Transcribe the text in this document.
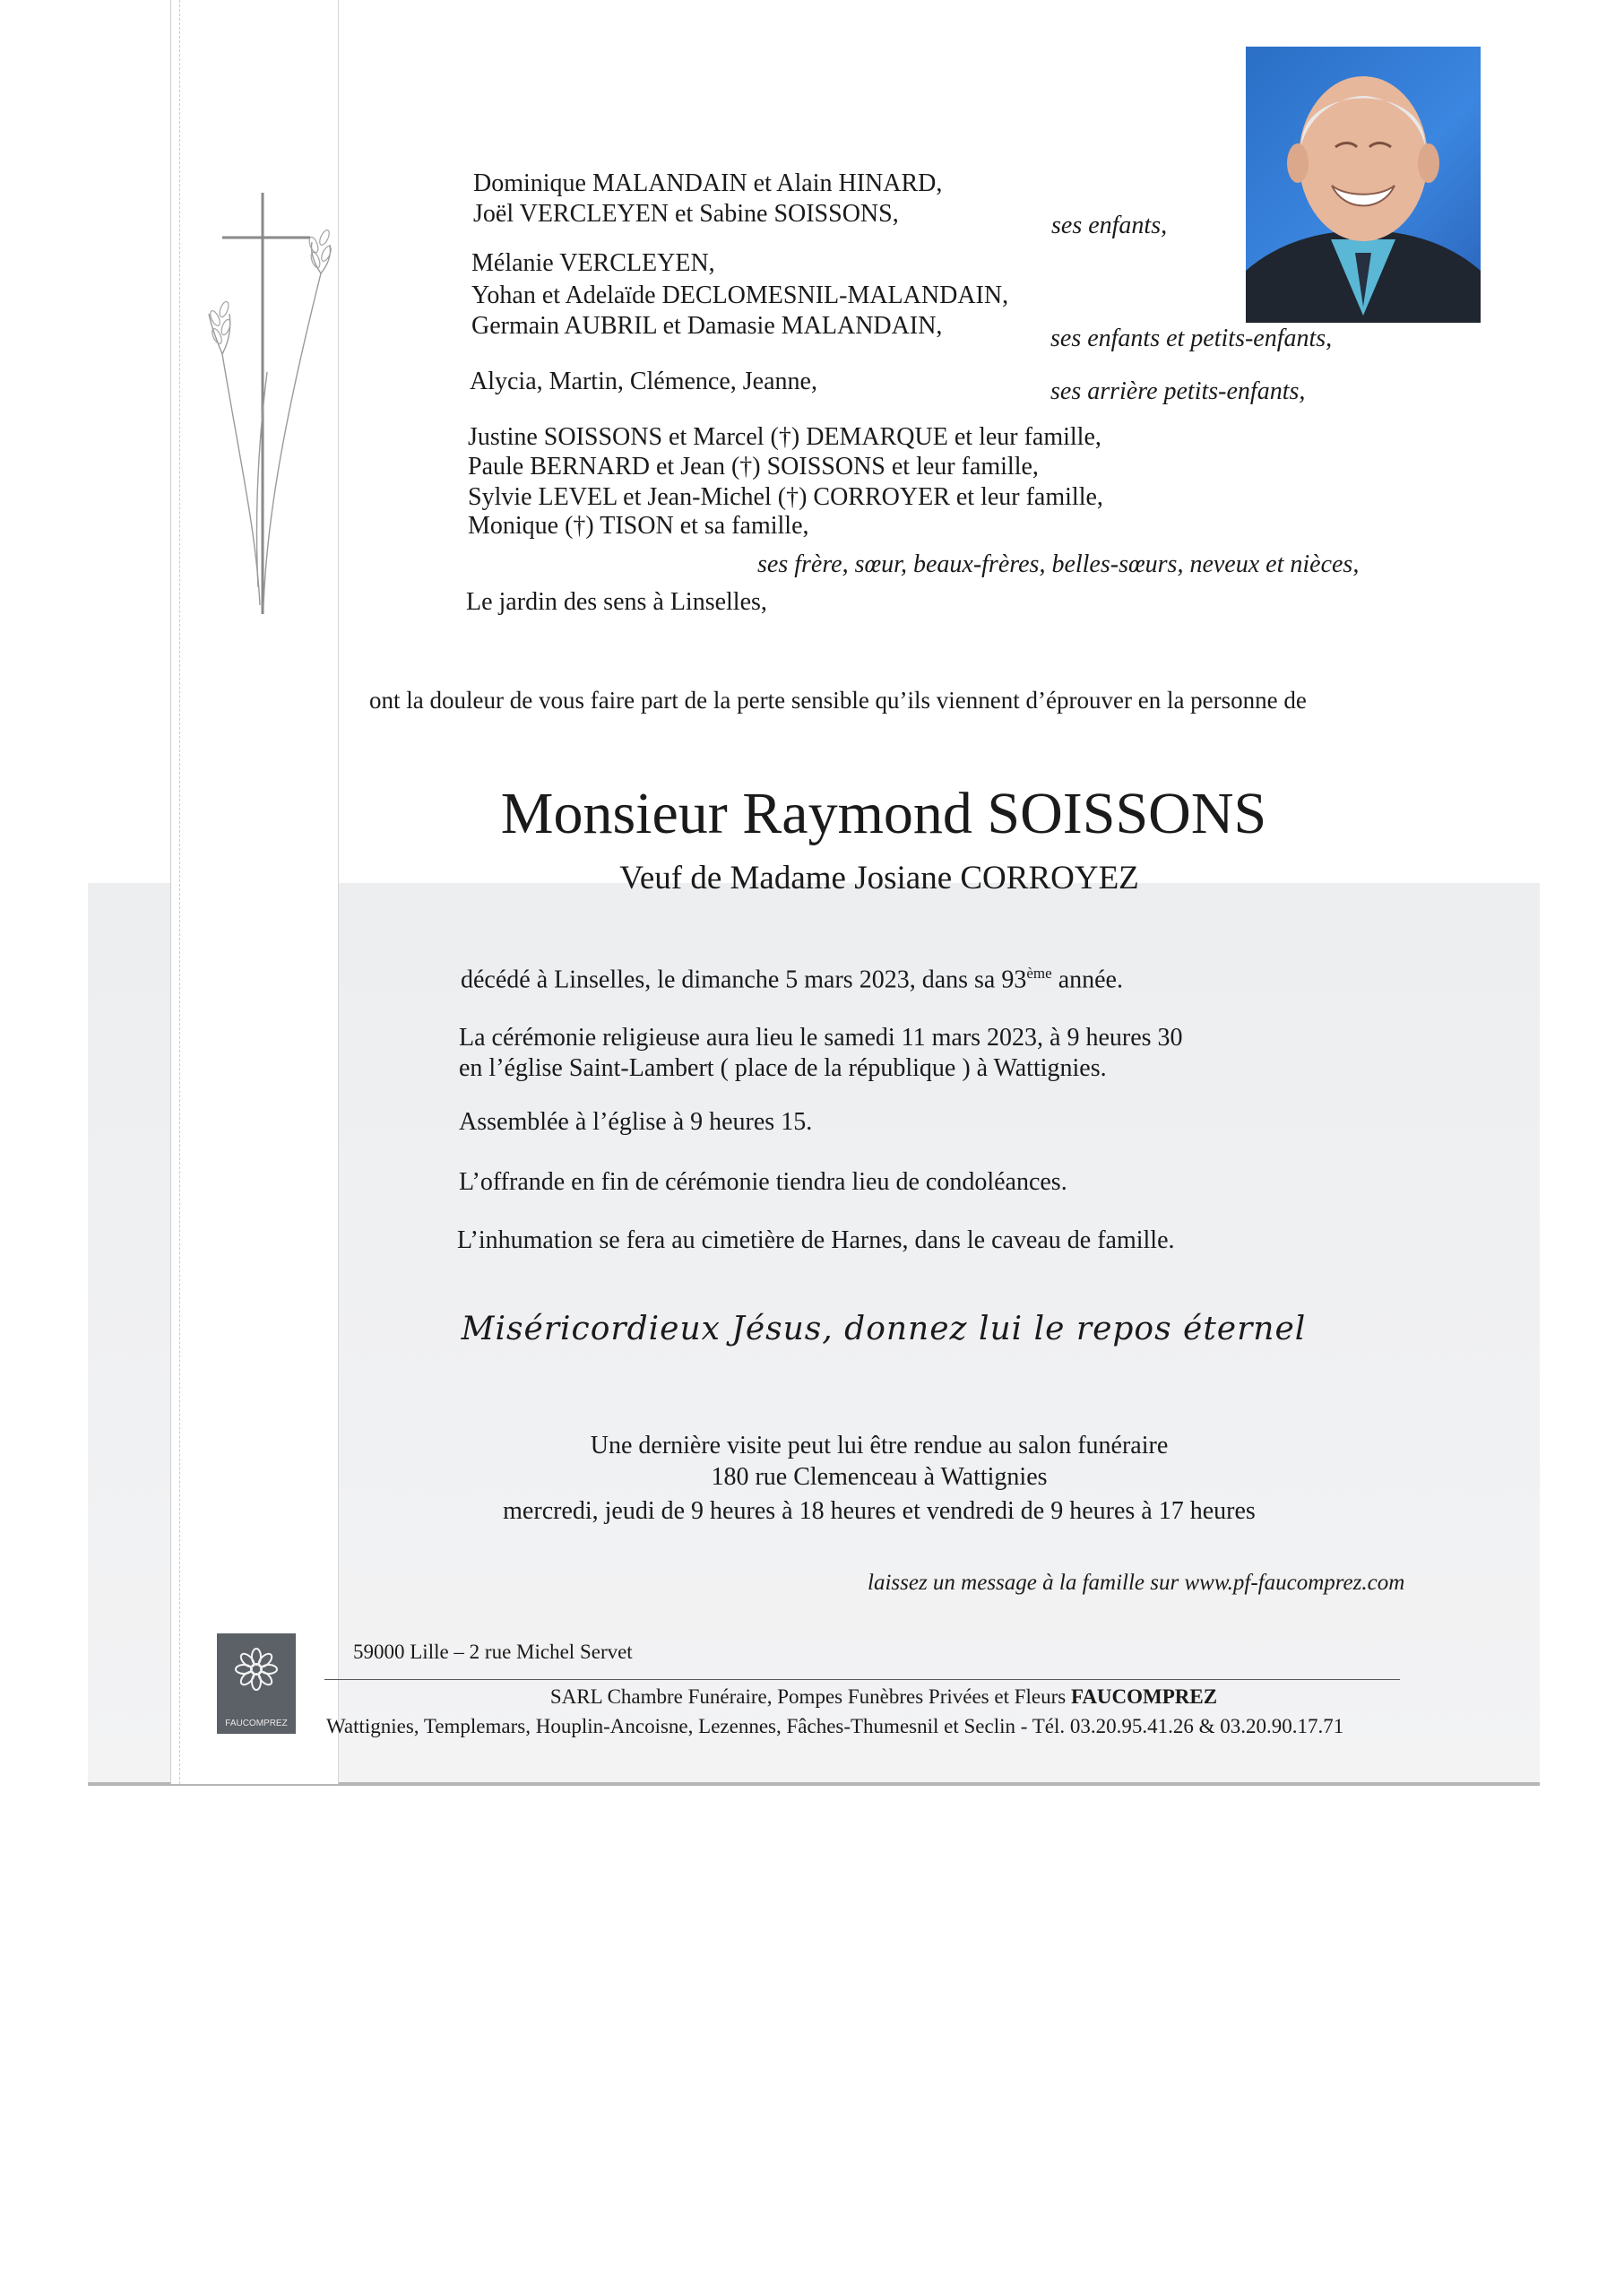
Dominique MALANDAIN et Alain HINARD,
Joël VERCLEYEN et Sabine SOISSONS,	ses enfants,
Mélanie VERCLEYEN,
Yohan et Adelaïde DECLOMESNIL-MALANDAIN,
Germain AUBRIL et Damasie MALANDAIN,	ses enfants et petits-enfants,
Alycia, Martin, Clémence, Jeanne,	ses arrière petits-enfants,
Justine SOISSONS et Marcel (†) DEMARQUE et leur famille,
Paule BERNARD et Jean (†) SOISSONS et leur famille,
Sylvie LEVEL et Jean-Michel (†) CORROYER et leur famille,
Monique (†) TISON et sa famille,
ses frère, sœur, beaux-frères, belles-sœurs, neveux et nièces,
Le jardin des sens à Linselles,
ont la douleur de vous faire part de la perte sensible qu’ils viennent d’éprouver en la personne de
Monsieur Raymond SOISSONS
Veuf de Madame Josiane CORROYEZ
décédé à Linselles, le dimanche 5 mars 2023, dans sa 93ème année.
La cérémonie religieuse aura lieu le samedi 11 mars 2023, à 9 heures 30
en l’église Saint-Lambert ( place de la république ) à Wattignies.
Assemblée à l’église à 9 heures 15.
L’offrande en fin de cérémonie tiendra lieu de condoléances.
L’inhumation se fera au cimetière de Harnes, dans le caveau de famille.
Miséricordieux Jésus, donnez lui le repos éternel
Une dernière visite peut lui être rendue au salon funéraire
180 rue Clemenceau à Wattignies
mercredi, jeudi de 9 heures à 18 heures et vendredi de 9 heures à 17 heures
laissez un message à la famille sur www.pf-faucomprez.com
FAUCOMPREZ
59000 Lille – 2 rue Michel Servet
SARL Chambre Funéraire, Pompes Funèbres Privées et Fleurs FAUCOMPREZ
Wattignies, Templemars, Houplin-Ancoisne, Lezennes, Fâches-Thumesnil et Seclin - Tél. 03.20.95.41.26 & 03.20.90.17.71
